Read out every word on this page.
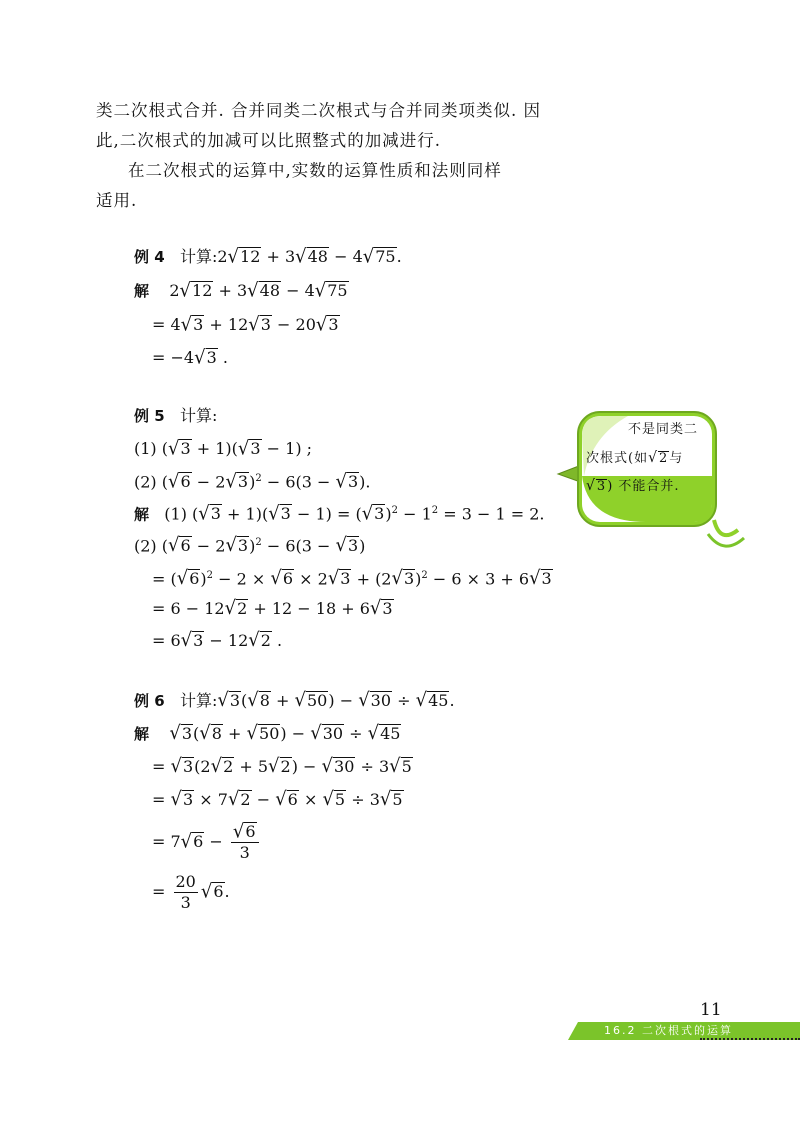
类二次根式合并. 合并同类二次根式与合并同类项类似. 因
此,二次根式的加减可以比照整式的加减进行.
在二次根式的运算中,实数的运算性质和法则同样
适用.
例 4 计算:2√12 + 3√48 − 4√75.
解    2√12 + 3√48 − 4√75
= 4√3 + 12√3 − 20√3
= −4√3 .
例 5 计算:
(1) (√3 + 1)(√3 − 1) ;
(2) $(√6 - 2√3)^2 - 6(3 - √3)$.
解   (1) $(√3 + 1)(√3 - 1) = (√3)^2 - 1^2 = 3 - 1 = 2$.
(2) $(√6 - 2√3)^2 - 6(3 - √3)$
= $(√6)^2 - 2 \times √6 \times 2√3 + (2√3)^2 - 6 \times 3 + 6√3$
= 6 − 12√2 + 12 − 18 + 6√3
= 6√3 − 12√2 .
例 6 计算:√3(√8 + √50) − √30 ÷ √45.
解 √3(√8 + √50) − √30 ÷ √45
= √3(2√2 + 5√2) − √30 ÷ 3√5
= √3 × 7√2 − √6 × √5 ÷ 3√5
= $7√6 - \frac{√6}{3}$
= $\frac{20}{3} √6$.
不是同类二
次根式(如√2与
√3) 不能合并.
11
16.2 二次根式的运算
